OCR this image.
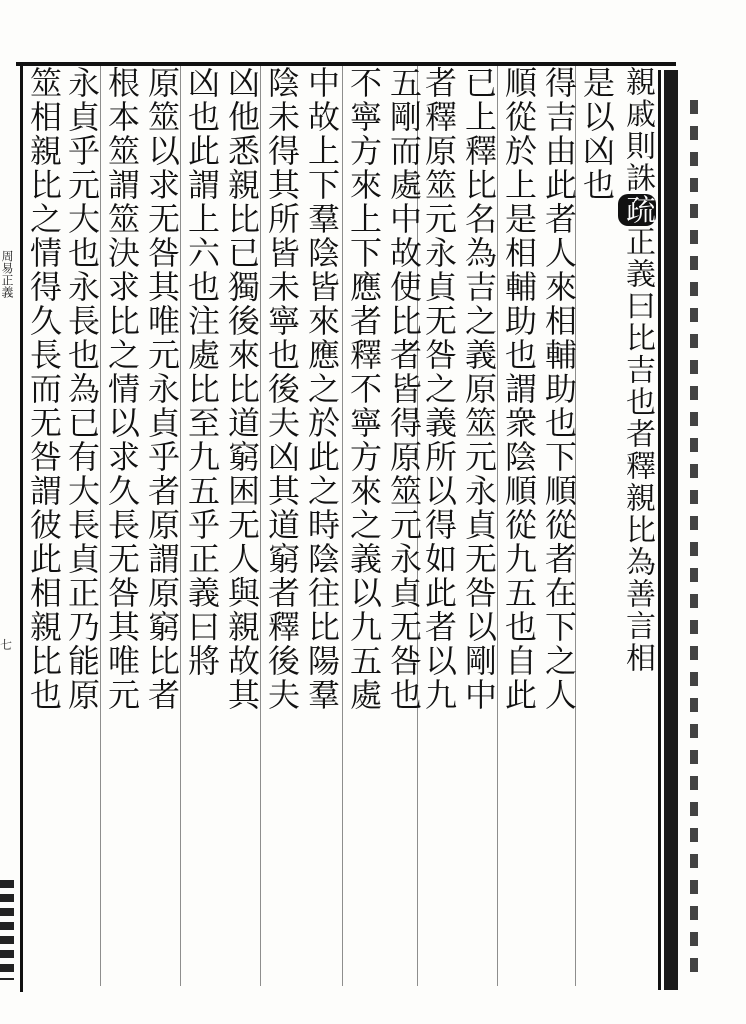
周易正義
七
親戚則誅疏正義曰比吉也者釋親比為善言相
是以凶也
得吉由此者人來相輔助也下順從者在下之人
順從於上是相輔助也謂衆陰順從九五也自此
者釋原筮元永貞无咎之義所以得如此者以九 已上釋比名為吉之義原筮元永貞无咎以剛中
不寧方來上下應者釋不寧方來之義以九五處 五剛而處中故使比者皆得原筮元永貞无咎也
陰未得其所皆未寧也後夫凶其道窮者釋後夫 中故上下羣陰皆來應之於此之時陰往比陽羣
凶也此謂上六也注處比至九五乎正義曰將 凶他悉親比已獨後來比道窮困无人與親故其
原筮以求无咎其唯元永貞乎者原謂原窮比者
根本筮謂筮決求比之情以求久長无咎其唯元
永貞乎元大也永長也為已有大長貞正乃能原
筮相親比之情得久長而无咎謂彼此相親比也
